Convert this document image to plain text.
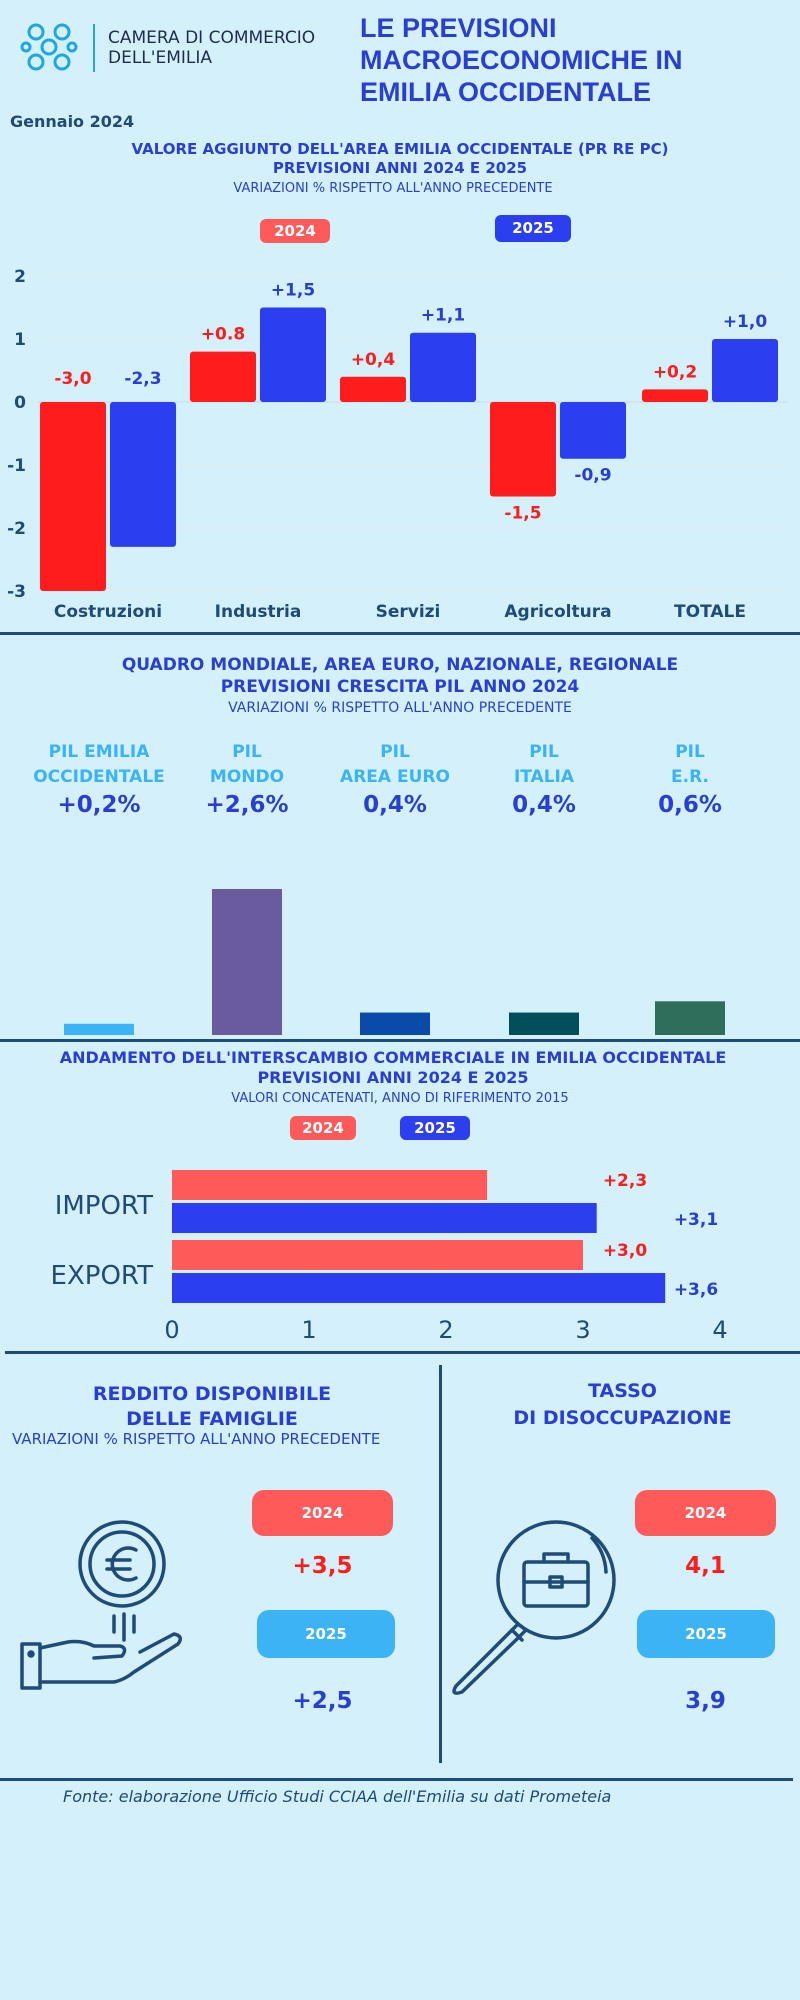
CAMERA DI COMMERCIO
DELL'EMILIA
LE PREVISIONI
MACROECONOMICHE IN
EMILIA OCCIDENTALE
Gennaio 2024
VALORE AGGIUNTO DELL'AREA EMILIA OCCIDENTALE (PR RE PC)
PREVISIONI ANNI 2024 E 2025
VARIAZIONI % RISPETTO ALL'ANNO PRECEDENTE
2024	2025
2
1
0
-1
-2
-3
-3,0 -2,3
Costruzioni
+0.8
+1,5
Industria
+0,4
+1,1
Servizi
-1,5
-0,9
Agricoltura
+0,2
+1,0
TOTALE
QUADRO MONDIALE, AREA EURO, NAZIONALE, REGIONALE
PREVISIONI CRESCITA PIL ANNO 2024
VARIAZIONI % RISPETTO ALL'ANNO PRECEDENTE
PIL EMILIA
OCCIDENTALE
+0,2%
PIL
MONDO
+2,6%
PIL
AREA EURO
0,4%
PIL
ITALIA
0,4%
PIL
E.R.
0,6%
ANDAMENTO DELL'INTERSCAMBIO COMMERCIALE IN EMILIA OCCIDENTALE
PREVISIONI ANNI 2024 E 2025
VALORI CONCATENATI, ANNO DI RIFERIMENTO 2015
2024	2025
0	1	2	3	4
+2,3
+3,1
IMPORT
+3,0
+3,6
EXPORT
REDDITO DISPONIBILE
DELLE FAMIGLIE
VARIAZIONI % RISPETTO ALL'ANNO PRECEDENTE
2024
+3,5
2025
+2,5
TASSO
DI DISOCCUPAZIONE
2024
4,1
2025
3,9
Fonte: elaborazione Ufficio Studi CCIAA dell'Emilia su dati Prometeia
